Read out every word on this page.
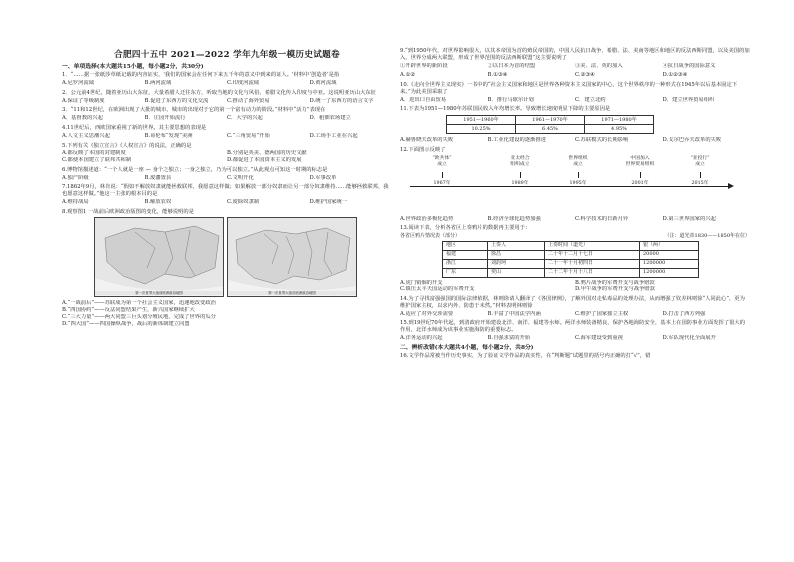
合肥四十五中 2021—2022 学年九年级一模历史试题卷
一、单项选择(本大题共15小题，每小题2分，共30分)
1．“……据一张纸莎草纸记载的内容证实，'我们的国家会在任何下来五千年的意义中到来的证人。'材料中‘创造者’是指
A.尼罗河流域	B.两河流域	C.印度河流域	D.黄河流域
2．公元前4世纪，随着亚历山大东征，大量希腊人迁往东方，听取当地的文化与风俗，希腊文化传入印度与中亚。这说明亚历山大东征
A.保证了等级制度	B.促进了东西方的文化交流	C.推动了海外贸易	D.统一了东西方的语言文字
3．“11和12世纪，在欧洲出现了大批的城市，城市的出现对于它的第一个富有动力的阶段。”材料中“活力”表现在
A．基督教的兴起	B．庄园开始流行	C．大学的兴起	D．租佃农场建立
4.11世纪后，西欧国家重视了新的世界。其主要思想的表现是
A.人文主义思潮兴起	B.哥伦布“发现”美洲	C.“三角贸易”开始	D.工场手工业在兴起
5.下列有关《独立宣言》《人权宣言》的说法，正确的是
A.都反映了本国的封建制度	B.分别是英美、德两国的历史文献
C.都使本国建立了联邦共和制	D.都促进了本国资本主义的发展
6.博物馆描述道：“一个人就是一座 — 身个之独立；一身之独立，乃为可以独立。”从此观点可知这一时期的标志是
A.独产阶级	B.废藩置县	C.文明开化	D.军事改革
7.1862年9月，林肯说：“假如不解放奴隶就能拯救联邦，我愿意这样做；如果解放一部分奴隶而让另一部分奴隶维持……能够拯救联邦，我也愿意这样做。”他这一主张的根本目的是
A.维持战局	B.解放农奴	C.废除奴隶制	D.维护国家统一
8.观察图1 一战前后欧洲政治版图的变化，能够说明的是
第一次世界大战前欧洲政治地图	第一次世界大战后欧洲政治地图
A.“一战前后”——苏联成为第一个社会主义国家，迅速地改变政治
B.“四国协约”——反法同盟结果产生，新兴国家继续扩大
C.“三大力量”——两大同盟三巨头划分殖民地，完成了世界的瓜分
D.“四大国”——四国操纵战争，战后的新体制建立同盟
9.“到1950年代，对世界影响很大，以其本帝国为首的殖民帝国的，中国人民抗日战争、希腊、法、美南等地区和地区的反法西斯同盟，以及美国的加入，世界分成两大联盟，形成了世界范围的反法西斯联盟”这主要说明了
①开辟世界的新阶段	②以日本为首的结盟	③美、法、英的加入	④抗日战争的国际意义
A.①②	B.①③④	C.②③④	D.①②③④
10.《走向全世界主义现实》一书中的“社会主义国家和地区是世界各种资本主义国家的中心，这个世界秩序的一种形式在1945年以后基本固定下来。”为此美国采取了
A．进出口自由贸易	B．推行马歇尔计划	C．建立北约	D．建立世界贸易组织
11.下表为1951—1980年苏联国民收入年均增长率。导致增长速度明显下降的主要原因是
1951—1960年	1961—1970年	1971—1980年
10.25%	6.45%	4.95%
A.赫鲁晓夫改革的失败	B.工业化建设的逐渐推进	C.苏联模式的长期影响	D.戈尔巴乔夫改革的失败
12.下面图示反映了
“欧共体”
成立
1967年
亚太经合
组织成立
1989年
世界组织
成立
1995年
中国加入
世界贸易组织
2001年
“亚投行”
成立
2015年
A.世界政治多极化趋势	B.经济全球化趋势加强	C.科学技术的日新月异	D.第三世界国家的兴起
13.阅读下表，分析各省区上奏鸦片的数据再主要用于：
各省区鸦片情况表（部分）	（注：道光帝1830——1850年在位）
地区	上奏人	上奏时间（道光）	银（两）
福建	徐昌	二十年十二月十七日	20000
浙江	刘韵珂	二十一年十月初四日	1200000
广东	奕山	二十二年十月十八日	1200000
A.虎门销烟的开支	B.鸦片战争的军费开支与战争赔款
C.镇压太平天国运动的军费开支	D.甲午战争的军费开支与战争赔款
14.为了寻找富强强国的国际法律依据，林则徐请人翻译了《各国律例》，了解外国对走私毒品的处理办法，从而增强了钦差林则徐“人同此心”，更为维护国家主权，以求内外、防患于未然。”材料表明林则徐
A.适应了对外交涉需要	B.丰富了中国法学内涵	C.维护了国家独立主权	D.打击了西方列强
15.到19世纪70年代起，到清政府开始建设北洋、南洋、福建等水师。两洋水师装备精良，保护各地海防安全，基本上在国防事业方面发挥了很大的作用，北洋水师成为该事业实施海防的重要标志。
A.洋务运动的兴起	B.自强求富的开始	C.海军建设受到重视	D.军队现代化全面展开
二、辨析改错(本大题共4小题，每小题2分，共8分)
16.文学作品常被当作历史事实，为了验证文学作品的真实性，在“判断题”试题里的括号内正确的打“√”，错
